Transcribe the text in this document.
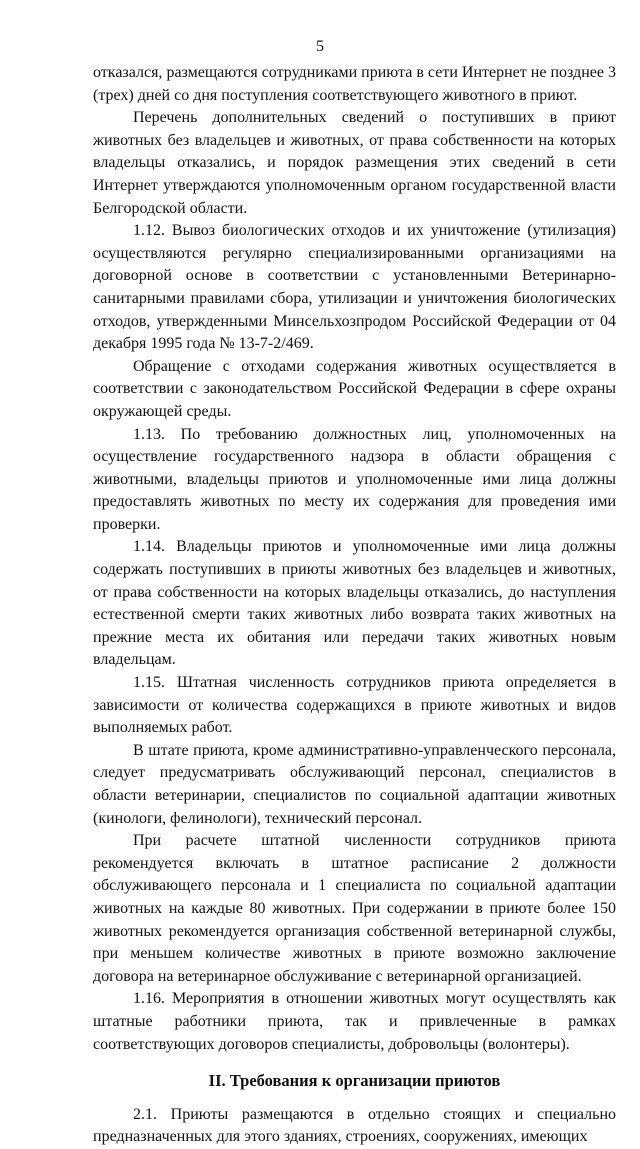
5

отказался, размещаются сотрудниками приюта в сети Интернет не позднее 3 (трех) дней со дня поступления соответствующего животного в приют.

Перечень дополнительных сведений о поступивших в приют животных без владельцев и животных, от права собственности на которых владельцы отказались, и порядок размещения этих сведений в сети Интернет утверждаются уполномоченным органом государственной власти Белгородской области.

1.12. Вывоз биологических отходов и их уничтожение (утилизация) осуществляются регулярно специализированными организациями на договорной основе в соответствии с установленными Ветеринарно-санитарными правилами сбора, утилизации и уничтожения биологических отходов, утвержденными Минсельхозпродом Российской Федерации от 04 декабря 1995 года № 13-7-2/469.

Обращение с отходами содержания животных осуществляется в соответствии с законодательством Российской Федерации в сфере охраны окружающей среды.

1.13. По требованию должностных лиц, уполномоченных на осуществление государственного надзора в области обращения с животными, владельцы приютов и уполномоченные ими лица должны предоставлять животных по месту их содержания для проведения ими проверки.

1.14. Владельцы приютов и уполномоченные ими лица должны содержать поступивших в приюты животных без владельцев и животных, от права собственности на которых владельцы отказались, до наступления естественной смерти таких животных либо возврата таких животных на прежние места их обитания или передачи таких животных новым владельцам.

1.15. Штатная численность сотрудников приюта определяется в зависимости от количества содержащихся в приюте животных и видов выполняемых работ.

В штате приюта, кроме административно-управленческого персонала, следует предусматривать обслуживающий персонал, специалистов в области ветеринарии, специалистов по социальной адаптации животных (кинологи, фелинологи), технический персонал.

При расчете штатной численности сотрудников приюта рекомендуется включать в штатное расписание 2 должности обслуживающего персонала и 1 специалиста по социальной адаптации животных на каждые 80 животных. При содержании в приюте более 150 животных рекомендуется организация собственной ветеринарной службы, при меньшем количестве животных в приюте возможно заключение договора на ветеринарное обслуживание с ветеринарной организацией.

1.16. Мероприятия в отношении животных могут осуществлять как штатные работники приюта, так и привлеченные в рамках соответствующих договоров специалисты, добровольцы (волонтеры).

II. Требования к организации приютов

2.1. Приюты размещаются в отдельно стоящих и специально предназначенных для этого зданиях, строениях, сооружениях, имеющих
